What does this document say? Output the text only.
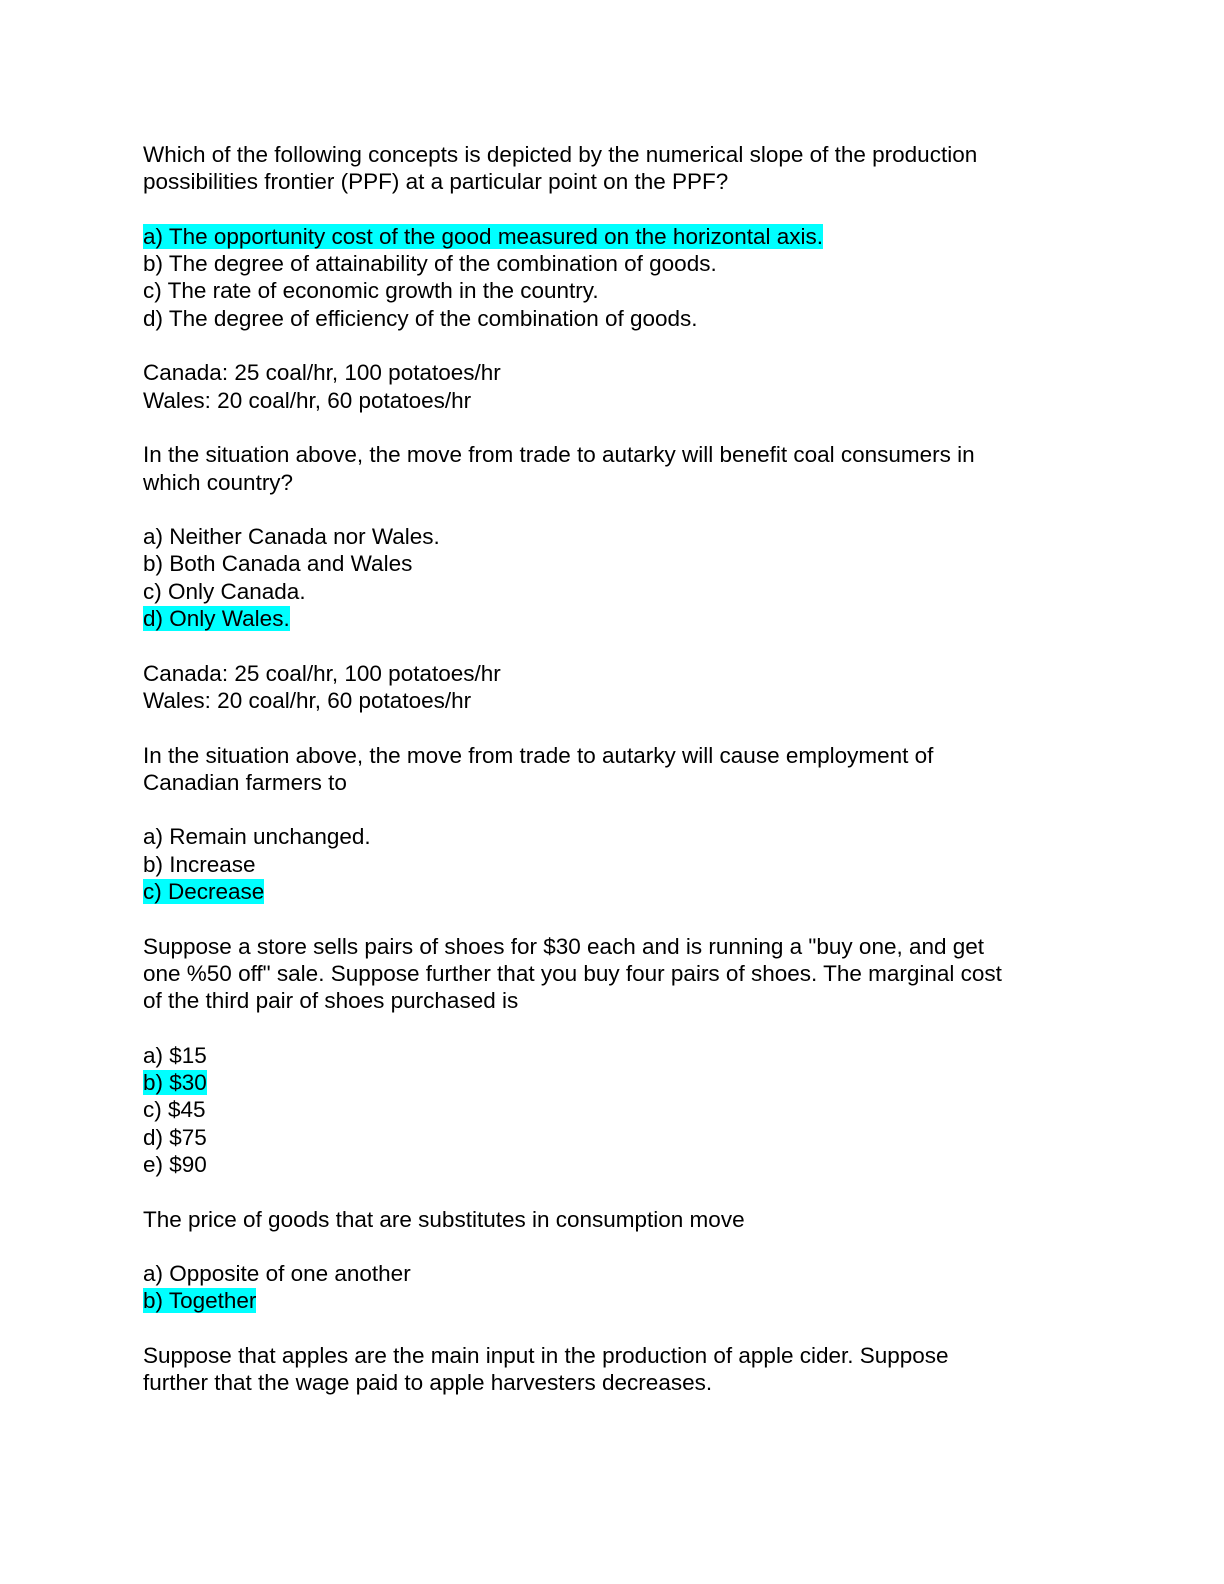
Which of the following concepts is depicted by the numerical slope of the production
possibilities frontier (PPF) at a particular point on the PPF?
a) The opportunity cost of the good measured on the horizontal axis.
b) The degree of attainability of the combination of goods.
c) The rate of economic growth in the country.
d) The degree of efficiency of the combination of goods.
Canada: 25 coal/hr, 100 potatoes/hr
Wales: 20 coal/hr, 60 potatoes/hr
In the situation above, the move from trade to autarky will benefit coal consumers in
which country?
a) Neither Canada nor Wales.
b) Both Canada and Wales
c) Only Canada.
d) Only Wales.
Canada: 25 coal/hr, 100 potatoes/hr
Wales: 20 coal/hr, 60 potatoes/hr
In the situation above, the move from trade to autarky will cause employment of
Canadian farmers to
a) Remain unchanged.
b) Increase
c) Decrease
Suppose a store sells pairs of shoes for $30 each and is running a "buy one, and get
one %50 off" sale. Suppose further that you buy four pairs of shoes. The marginal cost
of the third pair of shoes purchased is
a) $15
b) $30
c) $45
d) $75
e) $90
The price of goods that are substitutes in consumption move
a) Opposite of one another
b) Together
Suppose that apples are the main input in the production of apple cider. Suppose
further that the wage paid to apple harvesters decreases.
